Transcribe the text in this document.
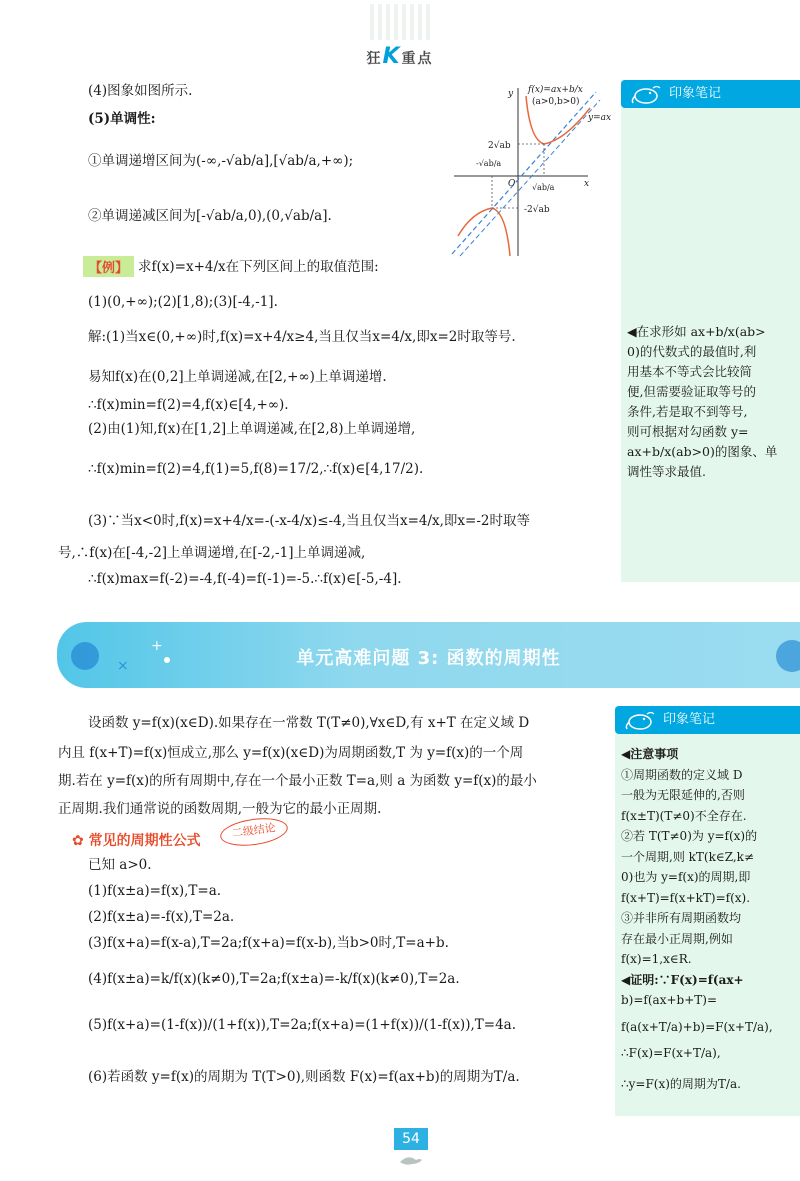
狂K重点
印象笔记
◀在求形如 ax+b/x(ab>
0)的代数式的最值时,利
用基本不等式会比较简
便,但需要验证取等号的
条件,若是取不到等号,
则可根据对勾函数 y=
ax+b/x(ab>0)的图象、单
调性等求最值.
(4)图象如图所示.
(5)单调性:
①单调递增区间为(-∞,-√ab/a],[√ab/a,+∞);
②单调递减区间为[-√ab/a,0),(0,√ab/a].
f(x)=ax+b/x
(a>0,b>0)
y=ax
y
x
O
2√ab
-√ab/a
√ab/a
-2√ab
【例】 求f(x)=x+4/x在下列区间上的取值范围:
(1)(0,+∞);(2)[1,8);(3)[-4,-1].
解:(1)当x∈(0,+∞)时,f(x)=x+4/x≥4,当且仅当x=4/x,即x=2时取等号.
易知f(x)在(0,2]上单调递减,在[2,+∞)上单调递增.
∴f(x)min=f(2)=4,f(x)∈[4,+∞).
(2)由(1)知,f(x)在[1,2]上单调递减,在[2,8)上单调递增,
∴f(x)min=f(2)=4,f(1)=5,f(8)=17/2,∴f(x)∈[4,17/2).
(3)∵当x<0时,f(x)=x+4/x=-(-x-4/x)≤-4,当且仅当x=4/x,即x=-2时取等
号,∴f(x)在[-4,-2]上单调递增,在[-2,-1]上单调递减,
∴f(x)max=f(-2)=-4,f(-4)=f(-1)=-5.∴f(x)∈[-5,-4].
×
+
单元高难问题 3: 函数的周期性
印象笔记
◀注意事项
①周期函数的定义域 D
一般为无限延伸的,否则
f(x±T)(T≠0)不全存在.
②若 T(T≠0)为 y=f(x)的
一个周期,则 kT(k∈Z,k≠
0)也为 y=f(x)的周期,即
f(x+T)=f(x+kT)=f(x).
③并非所有周期函数均
存在最小正周期,例如
f(x)=1,x∈R.
◀证明:∵F(x)=f(ax+
b)=f(ax+b+T)=
f(a(x+T/a)+b)=F(x+T/a),
∴F(x)=F(x+T/a),
∴y=F(x)的周期为T/a.
设函数 y=f(x)(x∈D).如果存在一常数 T(T≠0),∀x∈D,有 x+T 在定义域 D
内且 f(x+T)=f(x)恒成立,那么 y=f(x)(x∈D)为周期函数,T 为 y=f(x)的一个周
期.若在 y=f(x)的所有周期中,存在一个最小正数 T=a,则 a 为函数 y=f(x)的最小
正周期.我们通常说的函数周期,一般为它的最小正周期.
✿ 常见的周期性公式
二级结论
已知 a>0.
(1)f(x±a)=f(x),T=a.
(2)f(x±a)=-f(x),T=2a.
(3)f(x+a)=f(x-a),T=2a;f(x+a)=f(x-b),当b>0时,T=a+b.
(4)f(x±a)=k/f(x)(k≠0),T=2a;f(x±a)=-k/f(x)(k≠0),T=2a.
(5)f(x+a)=(1-f(x))/(1+f(x)),T=2a;f(x+a)=(1+f(x))/(1-f(x)),T=4a.
(6)若函数 y=f(x)的周期为 T(T>0),则函数 F(x)=f(ax+b)的周期为T/a.
54
